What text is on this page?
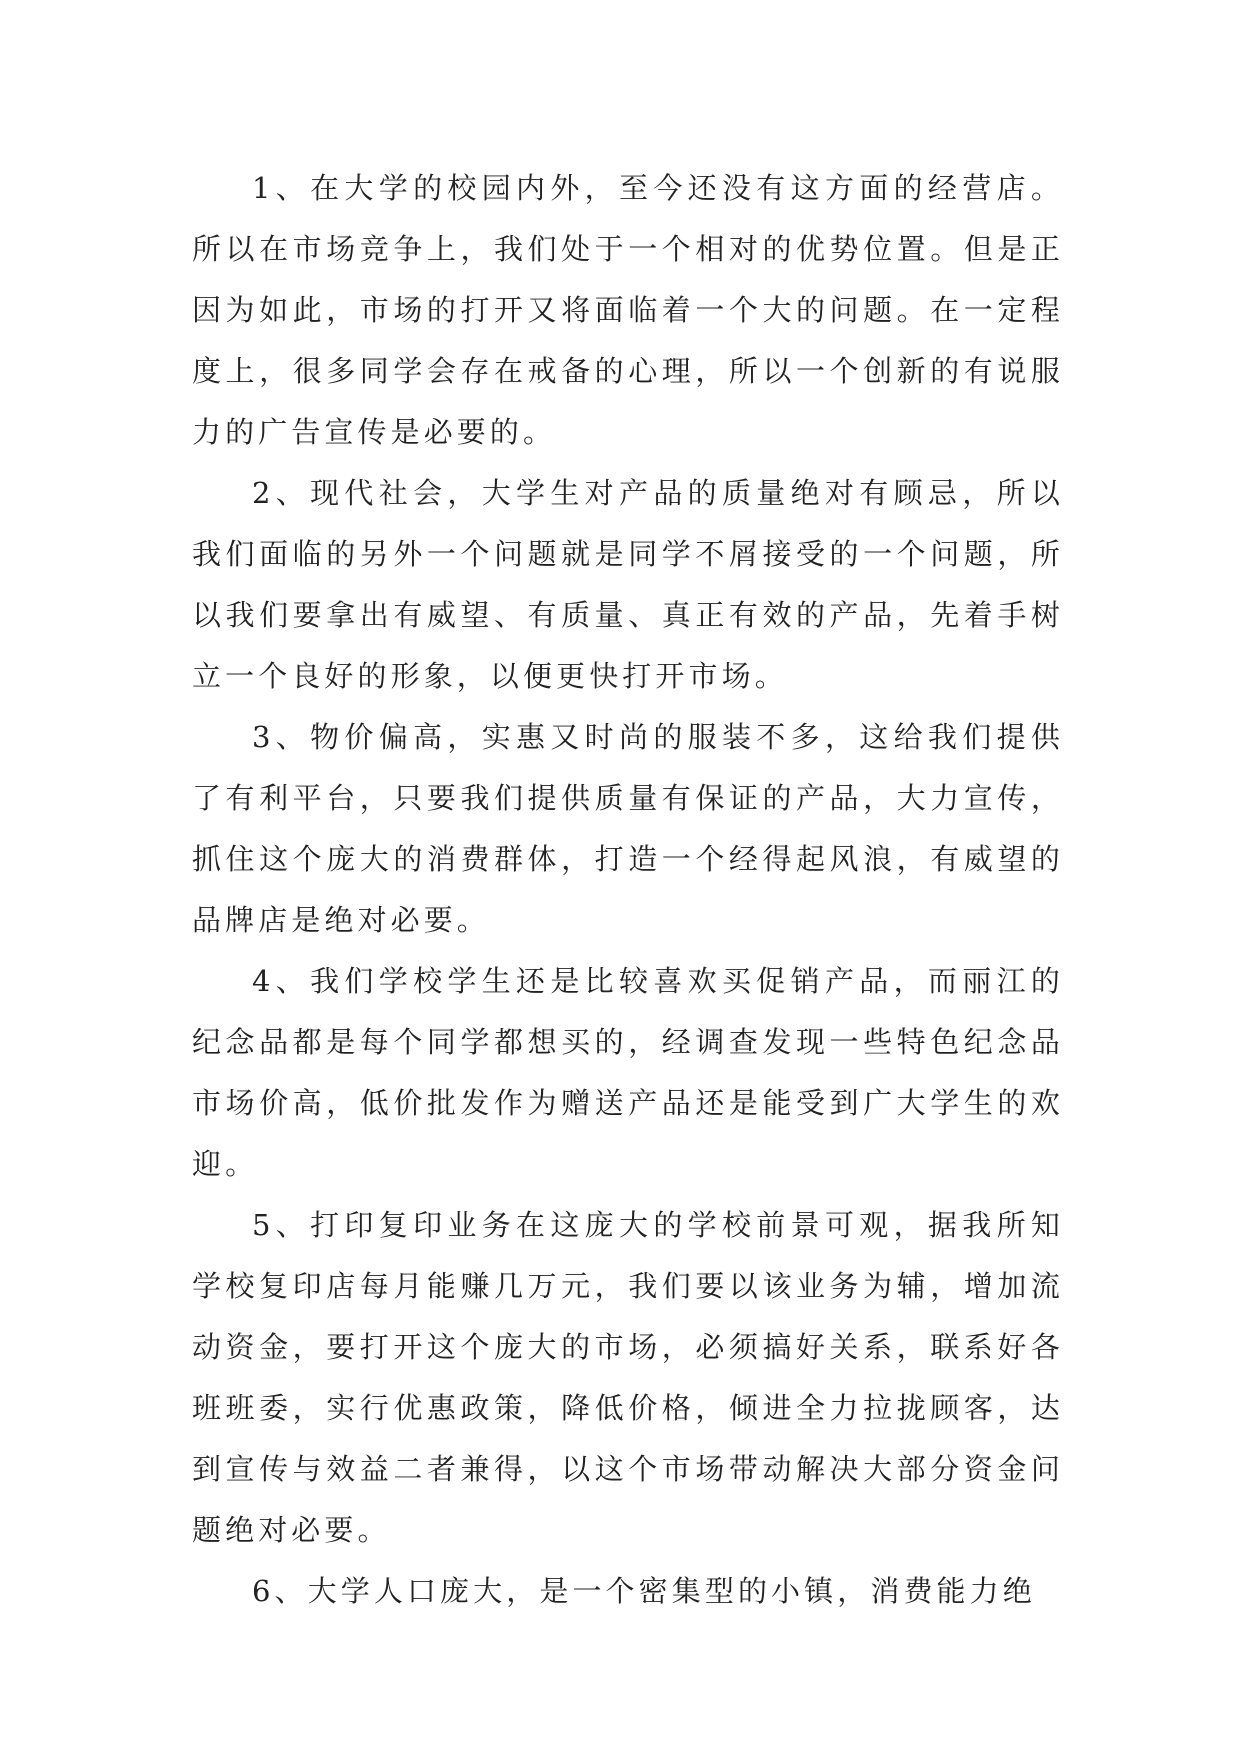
1、在大学的校园内外，至今还没有这方面的经营店。所以在市场竞争上，我们处于一个相对的优势位置。但是正因为如此，市场的打开又将面临着一个大的问题。在一定程度上，很多同学会存在戒备的心理，所以一个创新的有说服力的广告宣传是必要的。

2、现代社会，大学生对产品的质量绝对有顾忌，所以我们面临的另外一个问题就是同学不屑接受的一个问题，所以我们要拿出有威望、有质量、真正有效的产品，先着手树立一个良好的形象，以便更快打开市场。

3、物价偏高，实惠又时尚的服装不多，这给我们提供了有利平台，只要我们提供质量有保证的产品，大力宣传，抓住这个庞大的消费群体，打造一个经得起风浪，有威望的品牌店是绝对必要。

4、我们学校学生还是比较喜欢买促销产品，而丽江的纪念品都是每个同学都想买的，经调查发现一些特色纪念品市场价高，低价批发作为赠送产品还是能受到广大学生的欢迎。

5、打印复印业务在这庞大的学校前景可观，据我所知学校复印店每月能赚几万元，我们要以该业务为辅，增加流动资金，要打开这个庞大的市场，必须搞好关系，联系好各班班委，实行优惠政策，降低价格，倾进全力拉拢顾客，达到宣传与效益二者兼得，以这个市场带动解决大部分资金问题绝对必要。

6、大学人口庞大，是一个密集型的小镇，消费能力绝
